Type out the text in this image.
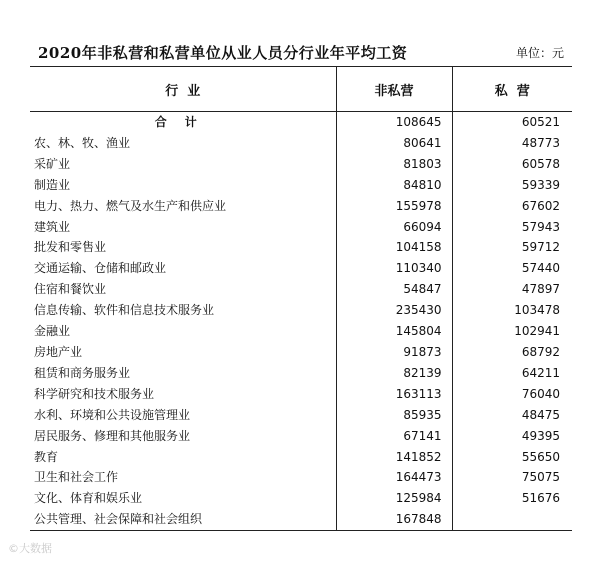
2020年非私营和私营单位从业人员分行业年平均工资	单位：元
行  业	非私营	私  营
合计	108645	60521
农、林、牧、渔业	80641	48773
采矿业	81803	60578
制造业	84810	59339
电力、热力、燃气及水生产和供应业	155978	67602
建筑业	66094	57943
批发和零售业	104158	59712
交通运输、仓储和邮政业	110340	57440
住宿和餐饮业	54847	47897
信息传输、软件和信息技术服务业	235430	103478
金融业	145804	102941
房地产业	91873	68792
租赁和商务服务业	82139	64211
科学研究和技术服务业	163113	76040
水利、环境和公共设施管理业	85935	48475
居民服务、修理和其他服务业	67141	49395
教育	141852	55650
卫生和社会工作	164473	75075
文化、体育和娱乐业	125984	51676
公共管理、社会保障和社会组织	167848	
©大数据
